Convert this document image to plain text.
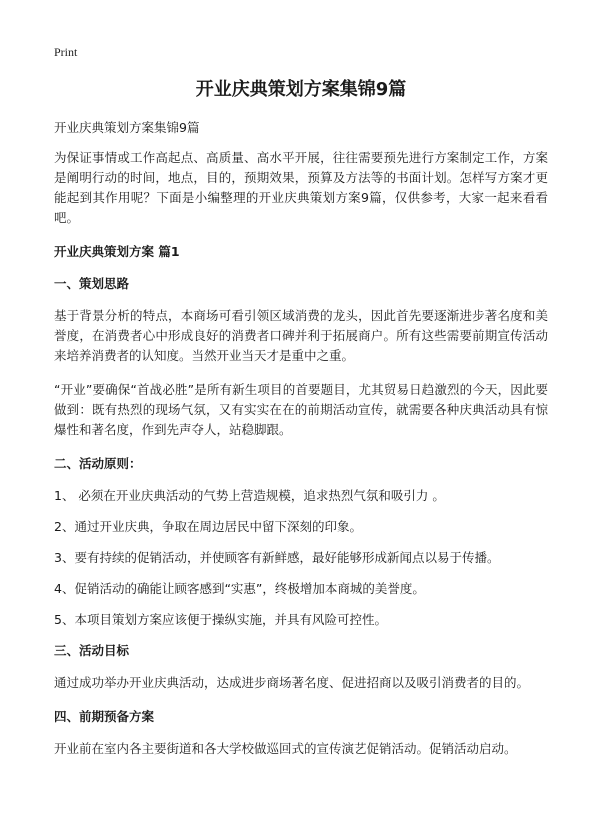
Print
开业庆典策划方案集锦9篇
开业庆典策划方案集锦9篇

为保证事情或工作高起点、高质量、高水平开展，往往需要预先进行方案制定工作，方案是阐明行动的时间，地点，目的，预期效果，预算及方法等的书面计划。怎样写方案才更能起到其作用呢？下面是小编整理的开业庆典策划方案9篇，仅供参考，大家一起来看看吧。

开业庆典策划方案 篇1
一、策划思路

基于背景分析的特点，本商场可看引领区域消费的龙头，因此首先要逐渐进步著名度和美誉度，在消费者心中形成良好的消费者口碑并利于拓展商户。所有这些需要前期宣传活动来培养消费者的认知度。当然开业当天才是重中之重。

“开业”要确保“首战必胜”是所有新生项目的首要题目，尤其贸易日趋激烈的今天，因此要做到：既有热烈的现场气氛，又有实实在在的前期活动宣传，就需要各种庆典活动具有惊爆性和著名度，作到先声夺人，站稳脚跟。

二、活动原则：

1、 必须在开业庆典活动的气势上营造规模，追求热烈气氛和吸引力 。

2、通过开业庆典，争取在周边居民中留下深刻的印象。

3、要有持续的促销活动，并使顾客有新鲜感，最好能够形成新闻点以易于传播。

4、促销活动的确能让顾客感到“实惠”，终极增加本商城的美誉度。

5、本项目策划方案应该便于操纵实施，并具有风险可控性。

三、活动目标

通过成功举办开业庆典活动，达成进步商场著名度、促进招商以及吸引消费者的目的。

四、前期预备方案

开业前在室内各主要街道和各大学校做巡回式的宣传演艺促销活动。促销活动启动。
